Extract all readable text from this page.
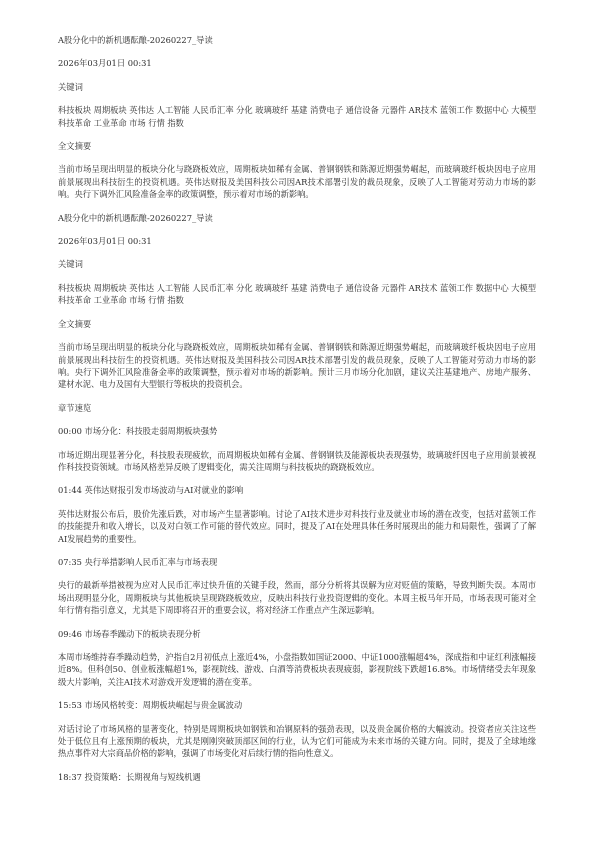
A股分化中的新机遇酝酿-20260227_导读
2026年03月01日 00:31
关键词
科技板块 周期板块 英伟达 人工智能 人民币汇率 分化 玻璃玻纤 基建 消费电子 通信设备 元器件 AR技术 蓝领工作 数据中心 大模型 科技革命 工业革命 市场 行情 指数
全文摘要
当前市场呈现出明显的板块分化与跷跷板效应，周期板块如稀有金属、普钢钢铁和陈源近期强势崛起，而玻璃玻纤板块因电子应用前景展现出科技衍生的投资机遇。英伟达财报及美国科技公司因AR技术部署引发的裁员现象，反映了人工智能对劳动力市场的影响。央行下调外汇风险准备金率的政策调整，预示着对市场的新影响。
A股分化中的新机遇酝酿-20260227_导读
2026年03月01日 00:31
关键词
科技板块 周期板块 英伟达 人工智能 人民币汇率 分化 玻璃玻纤 基建 消费电子 通信设备 元器件 AR技术 蓝领工作 数据中心 大模型 科技革命 工业革命 市场 行情 指数
全文摘要
当前市场呈现出明显的板块分化与跷跷板效应，周期板块如稀有金属、普钢钢铁和陈源近期强势崛起，而玻璃玻纤板块因电子应用前景展现出科技衍生的投资机遇。英伟达财报及美国科技公司因AR技术部署引发的裁员现象，反映了人工智能对劳动力市场的影响。央行下调外汇风险准备金率的政策调整，预示着对市场的新影响。预计三月市场分化加剧，建议关注基建地产、房地产服务、建材水泥、电力及国有大型银行等板块的投资机会。
章节速览
00:00 市场分化：科技股走弱周期板块强势
市场近期出现显著分化，科技股表现疲软，而周期板块如稀有金属、普钢钢铁及能源板块表现强势，玻璃玻纤因电子应用前景被视作科技投资领域。市场风格差异反映了逻辑变化，需关注周期与科技板块的跷跷板效应。
01:44 英伟达财报引发市场波动与AI对就业的影响
英伟达财报公布后，股价先涨后跌，对市场产生显著影响。讨论了AI技术进步对科技行业及就业市场的潜在改变，包括对蓝领工作的技能提升和收入增长，以及对白领工作可能的替代效应。同时，提及了AI在处理具体任务时展现出的能力和局限性，强调了了解AI发展趋势的重要性。
07:35 央行举措影响人民币汇率与市场表现
央行的最新举措被视为应对人民币汇率过快升值的关键手段，然而，部分分析将其误解为应对贬值的策略，导致判断失误。本周市场出现明显分化，周期板块与其他板块呈现跷跷板效应，反映出科技行业投资逻辑的变化。本周主板马年开局，市场表现可能对全年行情有指引意义，尤其是下周即将召开的重要会议，将对经济工作重点产生深远影响。
09:46 市场春季躁动下的板块表现分析
本周市场维持春季躁动趋势，沪指自2月初低点上涨近4%，小盘指数如国证2000、中证1000涨幅超4%，深成指和中证红利涨幅接近8%。但科创50、创业板涨幅超1%，影视院线、游戏、白酒等消费板块表现疲弱，影视院线下跌超16.8%。市场情绪受去年现象级大片影响，关注AI技术对游戏开发逻辑的潜在变革。
15:53 市场风格转变：周期板块崛起与贵金属波动
对话讨论了市场风格的显著变化，特别是周期板块如钢铁和冶钢原料的强劲表现，以及贵金属价格的大幅波动。投资者应关注这些处于低位且有上涨预期的板块，尤其是刚刚突破顶部区间的行业，认为它们可能成为未来市场的关键方向。同时，提及了全球地缘热点事件对大宗商品价格的影响，强调了市场变化对后续行情的指向性意义。
18:37 投资策略：长期视角与短线机遇
